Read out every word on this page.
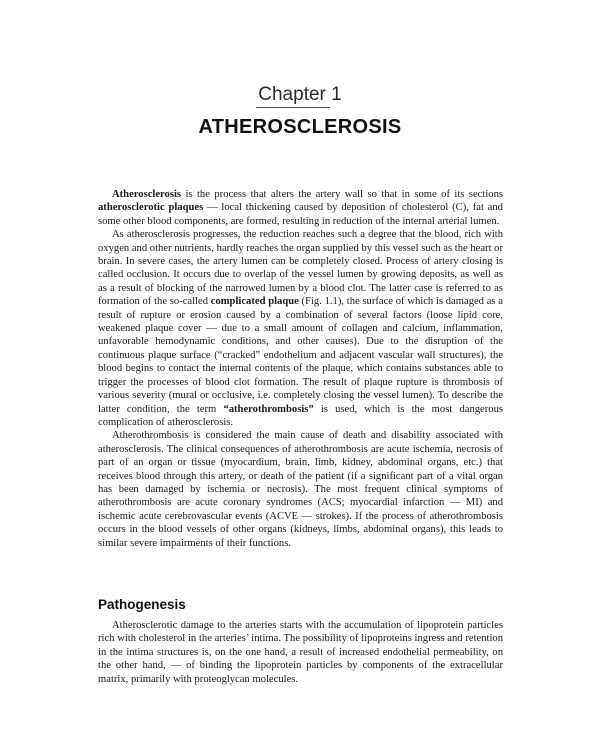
Chapter 1
ATHEROSCLEROSIS

Atherosclerosis is the process that alters the artery wall so that in some of its sections atherosclerotic plaques — local thickening caused by deposition of cholesterol (C), fat and some other blood components, are formed, resulting in reduction of the internal arterial lumen.

As atherosclerosis progresses, the reduction reaches such a degree that the blood, rich with oxygen and other nutrients, hardly reaches the organ supplied by this vessel such as the heart or brain. In severe cases, the artery lumen can be completely closed. Process of artery closing is called occlusion. It occurs due to overlap of the vessel lumen by growing deposits, as well as as a result of blocking of the narrowed lumen by a blood clot. The latter case is referred to as formation of the so-called complicated plaque (Fig. 1.1), the surface of which is damaged as a result of rupture or erosion caused by a combination of several factors (loose lipid core, weakened plaque cover — due to a small amount of collagen and calcium, inflammation, unfavorable hemodynamic conditions, and other causes). Due to the disruption of the continuous plaque surface (“cracked” endothelium and adjacent vascular wall structures), the blood begins to contact the internal contents of the plaque, which contains substances able to trigger the processes of blood clot formation. The result of plaque rupture is thrombosis of various severity (mural or occlusive, i.e. completely closing the vessel lumen). To describe the latter condition, the term “atherothrombosis” is used, which is the most dangerous complication of atherosclerosis.

Atherothrombosis is considered the main cause of death and disability associated with atherosclerosis. The clinical consequences of atherothrombosis are acute ischemia, necrosis of part of an organ or tissue (myocardium, brain, limb, kidney, abdominal organs, etc.) that receives blood through this artery, or death of the patient (if a significant part of a vital organ has been damaged by ischemia or necrosis). The most frequent clinical symptoms of atherothrombosis are acute coronary syndromes (ACS; myocardial infarction — MI) and ischemic acute cerebrovascular events (ACVE — strokes). If the process of atherothrombosis occurs in the blood vessels of other organs (kidneys, limbs, abdominal organs), this leads to similar severe impairments of their functions.

Pathogenesis

Atherosclerotic damage to the arteries starts with the accumulation of lipoprotein particles rich with cholesterol in the arteries’ intima. The possibility of lipoproteins ingress and retention in the intima structures is, on the one hand, a result of increased endothelial permeability, on the other hand, — of binding the lipoprotein particles by components of the extracellular matrix, primarily with proteoglycan molecules.
